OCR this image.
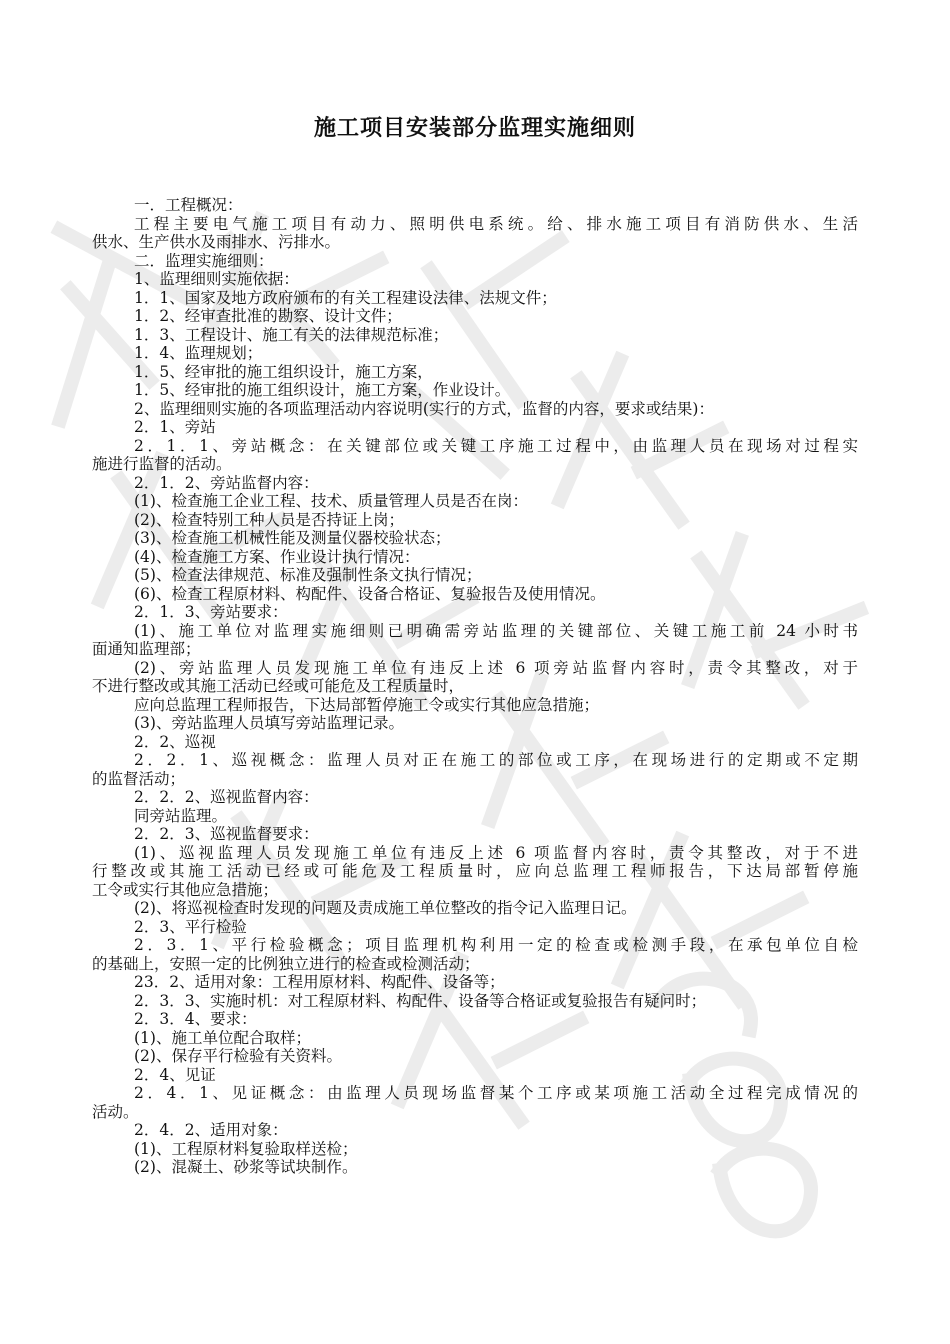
施工项目安装部分监理实施细则
一．工程概况：
工程主要电气施工项目有动力、照明供电系统。给、排水施工项目有消防供水、生活
供水、生产供水及雨排水、污排水。
二．监理实施细则：
1、监理细则实施依据：
1．1、国家及地方政府颁布的有关工程建设法律、法规文件；
1．2、经审查批准的勘察、设计文件；
1．3、工程设计、施工有关的法律规范标准；
1．4、监理规划；
1．5、经审批的施工组织设计，施工方案，
1．5、经审批的施工组织设计，施工方案，作业设计。
2、监理细则实施的各项监理活动内容说明(实行的方式，监督的内容，要求或结果)：
2．1、旁站
2．1．1、旁站概念：在关键部位或关键工序施工过程中，由监理人员在现场对过程实
施进行监督的活动。
2．1．2、旁站监督内容：
(1)、检查施工企业工程、技术、质量管理人员是否在岗：
(2)、检查特别工种人员是否持证上岗；
(3)、检查施工机械性能及测量仪器校验状态；
(4)、检查施工方案、作业设计执行情况：
(5)、检查法律规范、标准及强制性条文执行情况；
(6)、检查工程原材料、构配件、设备合格证、复验报告及使用情况。
2．1．3、旁站要求：
(1)、施工单位对监理实施细则已明确需旁站监理的关键部位、关键工施工前 24 小时书
面通知监理部；
(2)、旁站监理人员发现施工单位有违反上述 6 项旁站监督内容时，责令其整改，对于
不进行整改或其施工活动已经或可能危及工程质量时，
应向总监理工程师报告，下达局部暂停施工令或实行其他应急措施；
(3)、旁站监理人员填写旁站监理记录。
2．2、巡视
2．2．1、巡视概念：监理人员对正在施工的部位或工序，在现场进行的定期或不定期
的监督活动；
2．2．2、巡视监督内容：
同旁站监理。
2．2．3、巡视监督要求：
(1)、巡视监理人员发现施工单位有违反上述 6 项监督内容时，责令其整改，对于不进
行整改或其施工活动已经或可能危及工程质量时，应向总监理工程师报告，下达局部暂停施
工令或实行其他应急措施；
(2)、将巡视检查时发现的问题及责成施工单位整改的指令记入监理日记。
2．3、平行检验
2．3．1、平行检验概念；项目监理机构利用一定的检查或检测手段，在承包单位自检
的基础上，安照一定的比例独立进行的检查或检测活动；
23．2、适用对象：工程用原材料、构配件、设备等；
2．3．3、实施时机：对工程原材料、构配件、设备等合格证或复验报告有疑问时；
2．3．4、要求：
(1)、施工单位配合取样；
(2)、保存平行检验有关资料。
2．4、见证
2．4．1、见证概念：由监理人员现场监督某个工序或某项施工活动全过程完成情况的
活动。
2．4．2、适用对象：
(1)、工程原材料复验取样送检；
(2)、混凝土、砂浆等试块制作。
